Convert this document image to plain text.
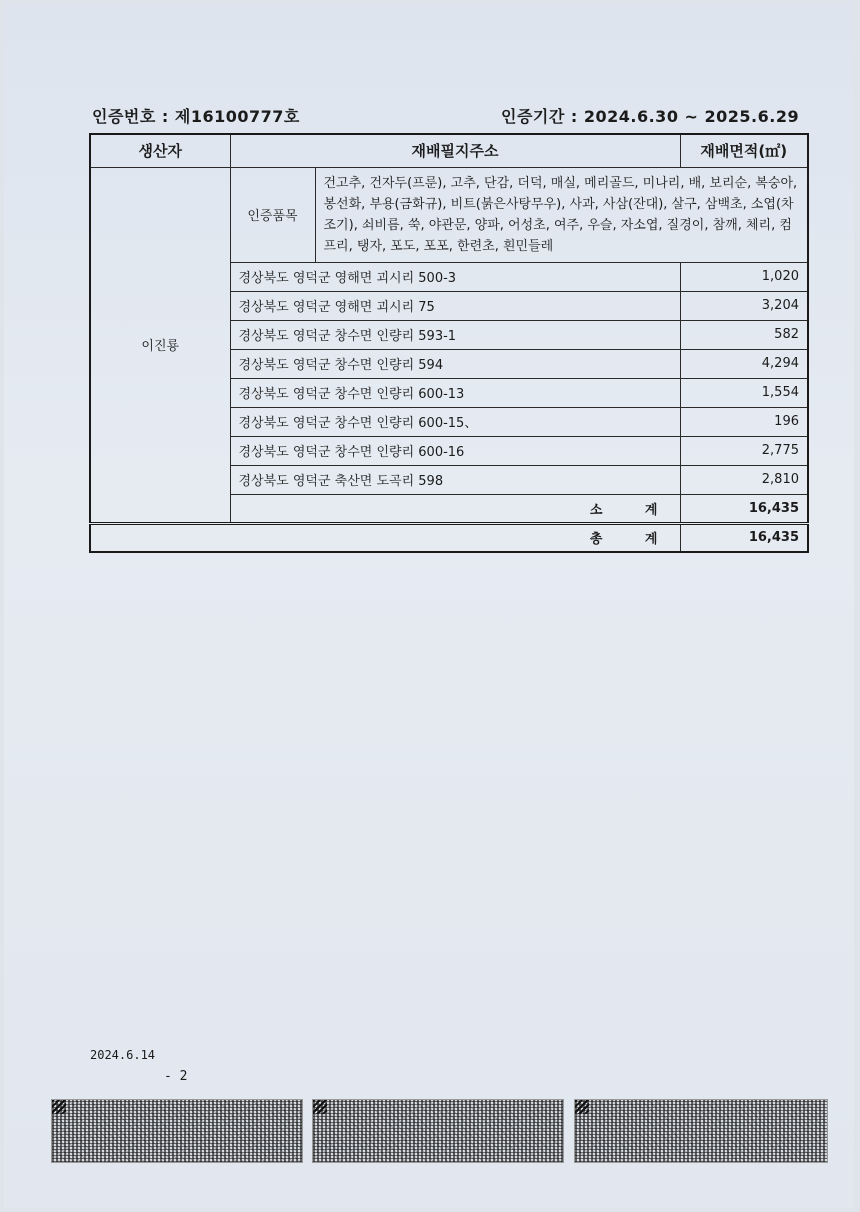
인증번호 : 제16100777호	인증기간 : 2024.6.30 ~ 2025.6.29
생산자	재배필지주소		재배면적(㎡)
이진룡	인증품목	건고추, 건자두(프룬), 고추, 단감, 더덕, 매실, 메리골드, 미나리, 배, 보리순, 복숭아, 봉선화, 부용(금화규), 비트(붉은사탕무우), 사과, 사삼(잔대), 살구, 삼백초, 소엽(차조기), 쇠비름, 쑥, 야관문, 양파, 어성초, 여주, 우슬, 자소엽, 질경이, 참깨, 체리, 컴프리, 탱자, 포도, 포포, 한련초, 흰민들레	
	경상북도 영덕군 영해면 괴시리 500-3		1,020
	경상북도 영덕군 영해면 괴시리 75		3,204
	경상북도 영덕군 창수면 인량리 593-1		582
	경상북도 영덕군 창수면 인량리 594		4,294
	경상북도 영덕군 창수면 인량리 600-13		1,554
	경상북도 영덕군 창수면 인량리 600-15、		196
	경상북도 영덕군 창수면 인량리 600-16		2,775
	경상북도 영덕군 축산면 도곡리 598		2,810
	소 계		16,435
총 계			16,435
2024.6.14
- 2
